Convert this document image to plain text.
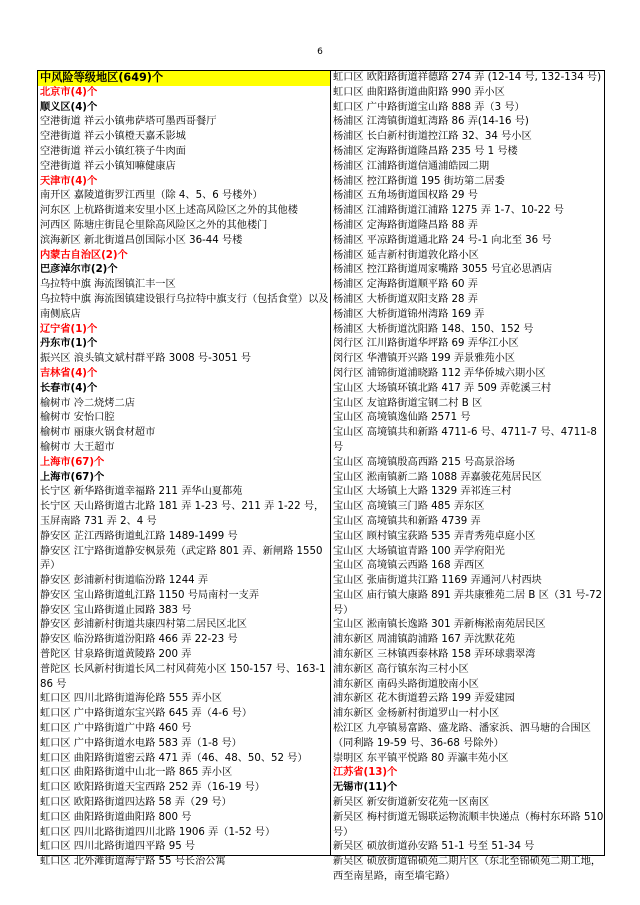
6
中风险等级地区(649)个
北京市(4)个
顺义区(4)个
空港街道 祥云小镇弗萨塔可墨西哥餐厅
空港街道 祥云小镇橙天嘉禾影城
空港街道 祥云小镇红筷子牛肉面
空港街道 祥云小镇知嘛健康店
天津市(4)个
南开区 嘉陵道街罗江西里（除 4、5、6 号楼外）
河东区 上杭路街道来安里小区上述高风险区之外的其他楼
河西区 陈塘庄街昆仑里除高风险区之外的其他楼门
滨海新区 新北街道昌创国际小区 36-44 号楼
内蒙古自治区(2)个
巴彦淖尔市(2)个
乌拉特中旗 海流图镇汇丰一区
乌拉特中旗 海流图镇建设银行乌拉特中旗支行（包括食堂）以及南侧底店
辽宁省(1)个
丹东市(1)个
振兴区 浪头镇文斌村群平路 3008 号-3051 号
吉林省(4)个
长春市(4)个
榆树市 冷二烧烤二店
榆树市 安怡口腔
榆树市 丽康火锅食材超市
榆树市 大王超市
上海市(67)个
上海市(67)个
长宁区 新华路街道幸福路 211 弄华山夏都苑
长宁区 天山路街道古北路 181 弄 1-23 号、211 弄 1-22 号，玉屏南路 731 弄 2、4 号
静安区 芷江西路街道虬江路 1489-1499 号
静安区 江宁路街道静安枫景苑（武定路 801 弄、新闸路 1550 弄）
静安区 彭浦新村街道临汾路 1244 弄
静安区 宝山路街道虬江路 1150 号局南村一支弄
静安区 宝山路街道止园路 383 号
静安区 彭浦新村街道共康四村第二居民区北区
静安区 临汾路街道汾阳路 466 弄 22-23 号
普陀区 甘泉路街道黄陵路 200 弄
普陀区 长风新村街道长风二村风荷苑小区 150-157 号、163-186 号
虹口区 四川北路街道海伦路 555 弄小区
虹口区 广中路街道东宝兴路 645 弄（4-6 号）
虹口区 广中路街道广中路 460 号
虹口区 广中路街道水电路 583 弄（1-8 号）
虹口区 曲阳路街道密云路 471 弄（46、48、50、52 号）
虹口区 曲阳路街道中山北一路 865 弄小区
虹口区 欧阳路街道天宝西路 252 弄（16-19 号）
虹口区 欧阳路街道四达路 58 弄（29 号）
虹口区 曲阳路街道曲阳路 800 号
虹口区 四川北路街道四川北路 1906 弄（1-52 号）
虹口区 四川北路街道四平路 95 号
虹口区 北外滩街道海宁路 55 号长治公寓
虹口区 欧阳路街道祥德路 274 弄 (12-14 号, 132-134 号)
虹口区 曲阳路街道曲阳路 990 弄小区
虹口区 广中路街道宝山路 888 弄（3 号）
杨浦区 江湾镇街道虹湾路 86 弄(14-16 号)
杨浦区 长白新村街道控江路 32、34 号小区
杨浦区 定海路街道隆昌路 235 号 1 号楼
杨浦区 江浦路街道信通浦皓园二期
杨浦区 控江路街道 195 街坊第二居委
杨浦区 五角场街道国权路 29 号
杨浦区 江浦路街道江浦路 1275 弄 1-7、10-22 号
杨浦区 定海路街道隆昌路 88 弄
杨浦区 平凉路街道通北路 24 号-1 向北至 36 号
杨浦区 延吉新村街道敦化路小区
杨浦区 控江路街道周家嘴路 3055 号宜必思酒店
杨浦区 定海路街道顺平路 60 弄
杨浦区 大桥街道双阳支路 28 弄
杨浦区 大桥街道锦州湾路 169 弄
杨浦区 大桥街道沈阳路 148、150、152 号
闵行区 江川路街道华坪路 69 弄华江小区
闵行区 华漕镇开兴路 199 弄景雅苑小区
闵行区 浦锦街道浦晓路 112 弄华侨城六期小区
宝山区 大场镇环镇北路 417 弄 509 弄乾溪三村
宝山区 友谊路街道宝钢二村 B 区
宝山区 高境镇逸仙路 2571 号
宝山区 高境镇共和新路 4711-6 号、4711-7 号、4711-8 号
宝山区 高境镇殷高西路 215 号高景浴场
宝山区 淞南镇新二路 1088 弄嘉骏花苑居民区
宝山区 大场镇上大路 1329 弄祁连三村
宝山区 高境镇三门路 485 弄东区
宝山区 高境镇共和新路 4739 弄
宝山区 顾村镇宝荻路 535 弄青秀苑卓庭小区
宝山区 大场镇谊青路 100 弄学府阳光
宝山区 高境镇云西路 168 弄西区
宝山区 张庙街道共江路 1169 弄通河八村西块
宝山区 庙行镇大康路 891 弄共康雅苑二居 B 区（31 号-72 号）
宝山区 淞南镇长逸路 301 弄新梅淞南苑居民区
浦东新区 周浦镇韵浦路 167 弄沈默花苑
浦东新区 三林镇西泰林路 158 弄环球翡翠湾
浦东新区 高行镇东沟三村小区
浦东新区 南码头路街道胶南小区
浦东新区 花木街道碧云路 199 弄爱建园
浦东新区 金杨新村街道罗山一村小区
松江区 九亭镇易富路、盛龙路、潘家浜、泗马塘的合围区（同利路 19-59 号、36-68 号除外）
崇明区 东平镇平悦路 80 弄瀛丰苑小区
江苏省(13)个
无锡市(11)个
新吴区 新安街道新安花苑一区南区
新吴区 梅村街道无锡联运物流顺丰快递点（梅村东环路 510 号）
新吴区 硕放街道孙安路 51-1 号至 51-34 号
新吴区 硕放街道锦硕苑二期片区（东北至锦硕苑二期工地，西至南星路，南至墙宅路）
